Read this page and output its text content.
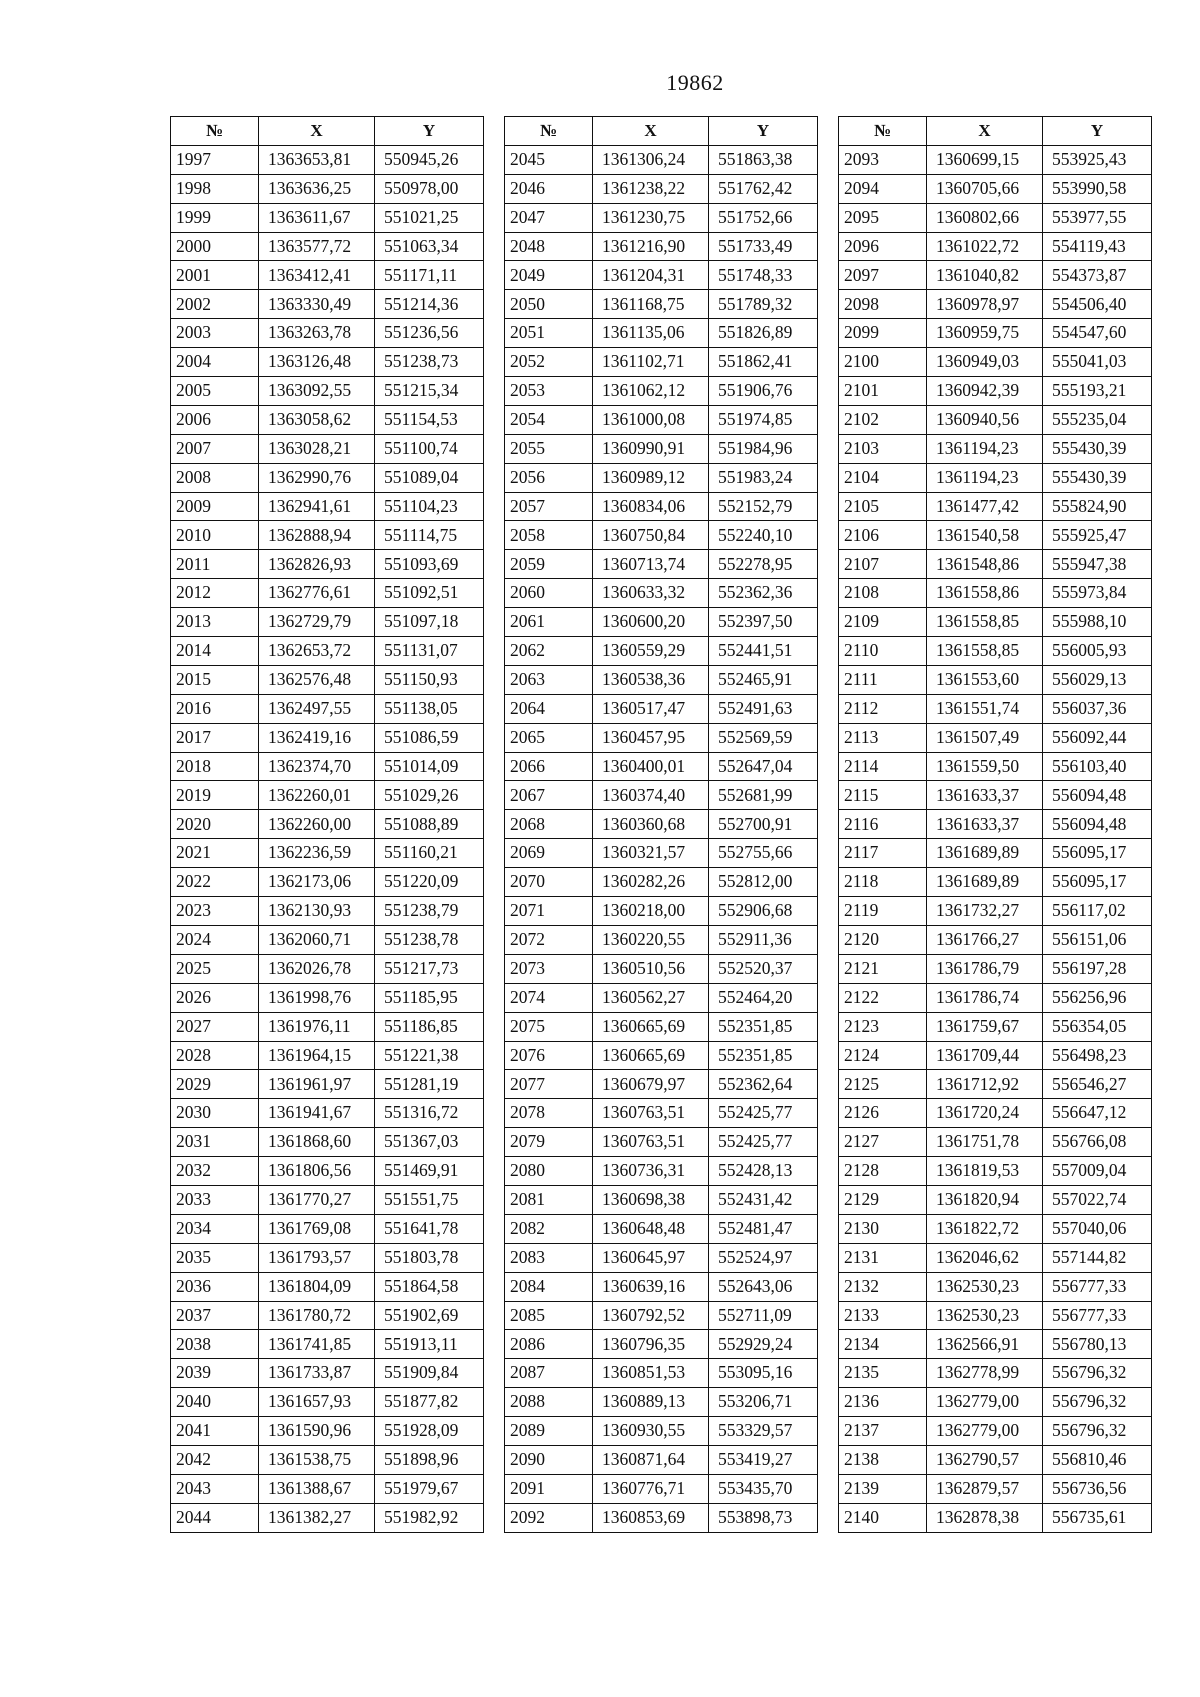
19862
№	X	Y
1997	1363653,81	550945,26
1998	1363636,25	550978,00
1999	1363611,67	551021,25
2000	1363577,72	551063,34
2001	1363412,41	551171,11
2002	1363330,49	551214,36
2003	1363263,78	551236,56
2004	1363126,48	551238,73
2005	1363092,55	551215,34
2006	1363058,62	551154,53
2007	1363028,21	551100,74
2008	1362990,76	551089,04
2009	1362941,61	551104,23
2010	1362888,94	551114,75
2011	1362826,93	551093,69
2012	1362776,61	551092,51
2013	1362729,79	551097,18
2014	1362653,72	551131,07
2015	1362576,48	551150,93
2016	1362497,55	551138,05
2017	1362419,16	551086,59
2018	1362374,70	551014,09
2019	1362260,01	551029,26
2020	1362260,00	551088,89
2021	1362236,59	551160,21
2022	1362173,06	551220,09
2023	1362130,93	551238,79
2024	1362060,71	551238,78
2025	1362026,78	551217,73
2026	1361998,76	551185,95
2027	1361976,11	551186,85
2028	1361964,15	551221,38
2029	1361961,97	551281,19
2030	1361941,67	551316,72
2031	1361868,60	551367,03
2032	1361806,56	551469,91
2033	1361770,27	551551,75
2034	1361769,08	551641,78
2035	1361793,57	551803,78
2036	1361804,09	551864,58
2037	1361780,72	551902,69
2038	1361741,85	551913,11
2039	1361733,87	551909,84
2040	1361657,93	551877,82
2041	1361590,96	551928,09
2042	1361538,75	551898,96
2043	1361388,67	551979,67
2044	1361382,27	551982,92
№	X	Y
2045	1361306,24	551863,38
2046	1361238,22	551762,42
2047	1361230,75	551752,66
2048	1361216,90	551733,49
2049	1361204,31	551748,33
2050	1361168,75	551789,32
2051	1361135,06	551826,89
2052	1361102,71	551862,41
2053	1361062,12	551906,76
2054	1361000,08	551974,85
2055	1360990,91	551984,96
2056	1360989,12	551983,24
2057	1360834,06	552152,79
2058	1360750,84	552240,10
2059	1360713,74	552278,95
2060	1360633,32	552362,36
2061	1360600,20	552397,50
2062	1360559,29	552441,51
2063	1360538,36	552465,91
2064	1360517,47	552491,63
2065	1360457,95	552569,59
2066	1360400,01	552647,04
2067	1360374,40	552681,99
2068	1360360,68	552700,91
2069	1360321,57	552755,66
2070	1360282,26	552812,00
2071	1360218,00	552906,68
2072	1360220,55	552911,36
2073	1360510,56	552520,37
2074	1360562,27	552464,20
2075	1360665,69	552351,85
2076	1360665,69	552351,85
2077	1360679,97	552362,64
2078	1360763,51	552425,77
2079	1360763,51	552425,77
2080	1360736,31	552428,13
2081	1360698,38	552431,42
2082	1360648,48	552481,47
2083	1360645,97	552524,97
2084	1360639,16	552643,06
2085	1360792,52	552711,09
2086	1360796,35	552929,24
2087	1360851,53	553095,16
2088	1360889,13	553206,71
2089	1360930,55	553329,57
2090	1360871,64	553419,27
2091	1360776,71	553435,70
2092	1360853,69	553898,73
№	X	Y
2093	1360699,15	553925,43
2094	1360705,66	553990,58
2095	1360802,66	553977,55
2096	1361022,72	554119,43
2097	1361040,82	554373,87
2098	1360978,97	554506,40
2099	1360959,75	554547,60
2100	1360949,03	555041,03
2101	1360942,39	555193,21
2102	1360940,56	555235,04
2103	1361194,23	555430,39
2104	1361194,23	555430,39
2105	1361477,42	555824,90
2106	1361540,58	555925,47
2107	1361548,86	555947,38
2108	1361558,86	555973,84
2109	1361558,85	555988,10
2110	1361558,85	556005,93
2111	1361553,60	556029,13
2112	1361551,74	556037,36
2113	1361507,49	556092,44
2114	1361559,50	556103,40
2115	1361633,37	556094,48
2116	1361633,37	556094,48
2117	1361689,89	556095,17
2118	1361689,89	556095,17
2119	1361732,27	556117,02
2120	1361766,27	556151,06
2121	1361786,79	556197,28
2122	1361786,74	556256,96
2123	1361759,67	556354,05
2124	1361709,44	556498,23
2125	1361712,92	556546,27
2126	1361720,24	556647,12
2127	1361751,78	556766,08
2128	1361819,53	557009,04
2129	1361820,94	557022,74
2130	1361822,72	557040,06
2131	1362046,62	557144,82
2132	1362530,23	556777,33
2133	1362530,23	556777,33
2134	1362566,91	556780,13
2135	1362778,99	556796,32
2136	1362779,00	556796,32
2137	1362779,00	556796,32
2138	1362790,57	556810,46
2139	1362879,57	556736,56
2140	1362878,38	556735,61
